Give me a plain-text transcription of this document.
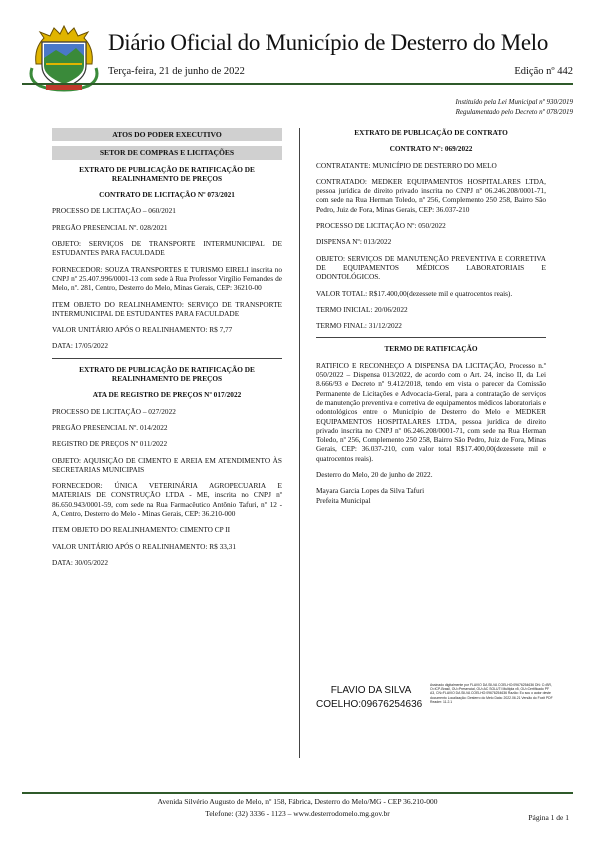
Diário Oficial do Município de Desterro do Melo
Terça-feira, 21 de junho de 2022	Edição nº 442
Instituído pela Lei Municipal nº 930/2019
Regulamentado pelo Decreto nº 078/2019
ATOS DO PODER EXECUTIVO
SETOR DE COMPRAS E LICITAÇÕES

EXTRATO DE PUBLICAÇÃO DE RATIFICAÇÃO DE REALINHAMENTO DE PREÇOS

CONTRATO DE LICITAÇÃO Nº 073/2021

PROCESSO DE LICITAÇÃO – 060/2021

PREGÃO PRESENCIAL Nº. 028/2021

OBJETO: SERVIÇOS DE TRANSPORTE INTERMUNICIPAL DE ESTUDANTES PARA FACULDADE

FORNECEDOR: SOUZA TRANSPORTES E TURISMO EIRELI inscrita no CNPJ nº 25.407.996/0001-13 com sede à Rua Professor Virgílio Fernandes de Melo, nº. 281, Centro, Desterro do Melo, Minas Gerais, CEP: 36210-00

ITEM OBJETO DO REALINHAMENTO: SERVIÇO DE TRANSPORTE INTERMUNICIPAL DE ESTUDANTES PARA FACULDADE

VALOR UNITÁRIO APÓS O REALINHAMENTO: R$ 7,77

DATA: 17/05/2022

EXTRATO DE PUBLICAÇÃO DE RATIFICAÇÃO DE REALINHAMENTO DE PREÇOS

ATA DE REGISTRO DE PREÇOS Nº 017/2022

PROCESSO DE LICITAÇÃO – 027/2022

PREGÃO PRESENCIAL Nº. 014/2022

REGISTRO DE PREÇOS Nº 011/2022

OBJETO: AQUISIÇÃO DE CIMENTO E AREIA EM ATENDIMENTO ÀS SECRETARIAS MUNICIPAIS

FORNECEDOR: ÚNICA VETERINÁRIA AGROPECUARIA E MATERIAIS DE CONSTRUÇÃO LTDA - ME, inscrita no CNPJ nº 86.650.943/0001-59, com sede na Rua Farmacêutico Antônio Tafuri, nº 12 - A, Centro, Desterro do Melo - Minas Gerais, CEP: 36.210-000

ITEM OBJETO DO REALINHAMENTO: CIMENTO CP II

VALOR UNITÁRIO APÓS O REALINHAMENTO: R$ 33,31

DATA: 30/05/2022

EXTRATO DE PUBLICAÇÃO DE CONTRATO

CONTRATO Nº: 069/2022

CONTRATANTE: MUNICÍPIO DE DESTERRO DO MELO

CONTRATADO: MEDKER EQUIPAMENTOS HOSPITALARES LTDA, pessoa jurídica de direito privado inscrita no CNPJ nº 06.246.208/0001-71, com sede na Rua Herman Toledo, nº 256, Complemento 250 258, Bairro São Pedro, Juiz de Fora, Minas Gerais, CEP: 36.037-210

PROCESSO DE LICITAÇÃO Nº: 050/2022

DISPENSA Nº: 013/2022

OBJETO: SERVIÇOS DE MANUTENÇÃO PREVENTIVA E CORRETIVA DE EQUIPAMENTOS MÉDICOS LABORATORIAIS E ODONTOLÓGICOS.

VALOR TOTAL: R$17.400,00(dezessete mil e quatrocentos reais).

TERMO INICIAL: 20/06/2022

TERMO FINAL: 31/12/2022

TERMO DE RATIFICAÇÃO

RATIFICO E RECONHEÇO A DISPENSA DA LICITAÇÃO, Processo n.º 050/2022 – Dispensa 013/2022, de acordo com o Art. 24, inciso II, da Lei 8.666/93 e Decreto nº 9.412/2018, tendo em vista o parecer da Comissão Permanente de Licitações e Advocacia-Geral, para a contratação de serviços de manutenção preventiva e corretiva de equipamentos médicos laboratoriais e odontológicos entre o Município de Desterro do Melo e MEDKER EQUIPAMENTOS HOSPITALARES LTDA, pessoa jurídica de direito privado inscrita no CNPJ nº 06.246.208/0001-71, com sede na Rua Herman Toledo, nº 256, Complemento 250 258, Bairro São Pedro, Juiz de Fora, Minas Gerais, CEP: 36.037-210, com valor total R$17.400,00(dezessete mil e quatrocentos reais).

Desterro do Melo, 20 de junho de 2022.

Mayara Garcia Lopes da Silva Tafuri

Prefeita Municipal

FLAVIO DA SILVA
COELHO:09676254636
Assinado digitalmente por FLAVIO DA SILVA COELHO:09676254636 DN: C=BR, O=ICP-Brasil, OU=Presencial, OU=AC SOLUTI Multipla v5, OU=Certificado PF A3, CN=FLAVIO DA SILVA COELHO:09676254636 Razão: Eu sou o autor deste documento Localização: Desterro do Melo Data: 2022.06.21 Versão do Foxit PDF Reader: 11.2.1
Avenida Silvério Augusto de Melo, nº 158, Fábrica, Desterro do Melo/MG - CEP 36.210-000
Telefone: (32) 3336 - 1123 – www.desterrodomelo.mg.gov.br	Página 1 de 1
